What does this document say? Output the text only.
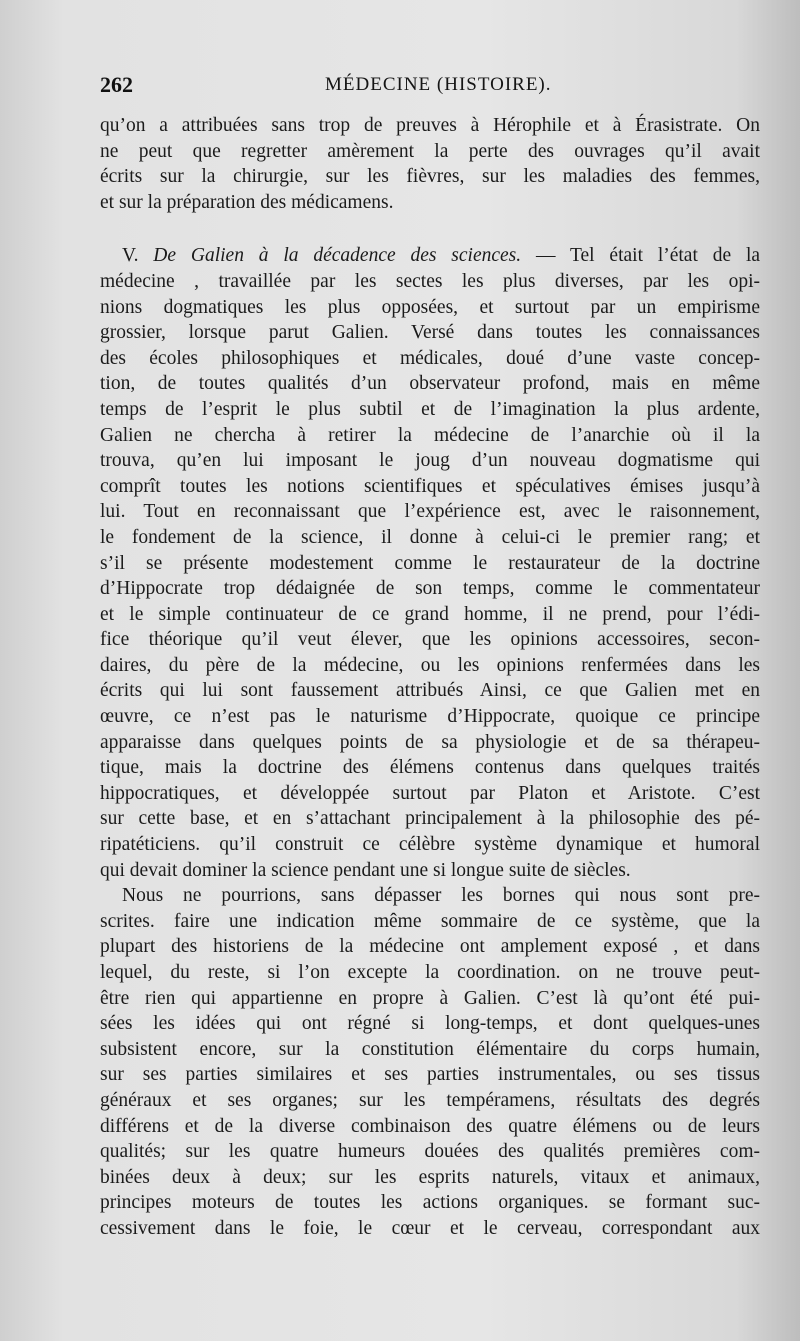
262	MÉDECINE (HISTOIRE).
qu’on a attribuées sans trop de preuves à Hérophile et à Érasistrate. On
ne peut que regretter amèrement la perte des ouvrages qu’il avait
écrits sur la chirurgie, sur les fièvres, sur les maladies des femmes,
et sur la préparation des médicamens.
V. De Galien à la décadence des sciences. — Tel était l’état de la
médecine , travaillée par les sectes les plus diverses, par les opi-
nions dogmatiques les plus opposées, et surtout par un empirisme
grossier, lorsque parut Galien. Versé dans toutes les connaissances
des écoles philosophiques et médicales, doué d’une vaste concep-
tion, de toutes qualités d’un observateur profond, mais en même
temps de l’esprit le plus subtil et de l’imagination la plus ardente,
Galien ne chercha à retirer la médecine de l’anarchie où il la
trouva, qu’en lui imposant le joug d’un nouveau dogmatisme qui
comprît toutes les notions scientifiques et spéculatives émises jusqu’à
lui. Tout en reconnaissant que l’expérience est, avec le raisonnement,
le fondement de la science, il donne à celui-ci le premier rang; et
s’il se présente modestement comme le restaurateur de la doctrine
d’Hippocrate trop dédaignée de son temps, comme le commentateur
et le simple continuateur de ce grand homme, il ne prend, pour l’édi-
fice théorique qu’il veut élever, que les opinions accessoires, secon-
daires, du père de la médecine, ou les opinions renfermées dans les
écrits qui lui sont faussement attribués Ainsi, ce que Galien met en
œuvre, ce n’est pas le naturisme d’Hippocrate, quoique ce principe
apparaisse dans quelques points de sa physiologie et de sa thérapeu-
tique, mais la doctrine des élémens contenus dans quelques traités
hippocratiques, et développée surtout par Platon et Aristote. C’est
sur cette base, et en s’attachant principalement à la philosophie des pé-
ripatéticiens. qu’il construit ce célèbre système dynamique et humoral
qui devait dominer la science pendant une si longue suite de siècles.
Nous ne pourrions, sans dépasser les bornes qui nous sont pre-
scrites. faire une indication même sommaire de ce système, que la
plupart des historiens de la médecine ont amplement exposé , et dans
lequel, du reste, si l’on excepte la coordination. on ne trouve peut-
être rien qui appartienne en propre à Galien. C’est là qu’ont été pui-
sées les idées qui ont régné si long-temps, et dont quelques-unes
subsistent encore, sur la constitution élémentaire du corps humain,
sur ses parties similaires et ses parties instrumentales, ou ses tissus
généraux et ses organes; sur les tempéramens, résultats des degrés
différens et de la diverse combinaison des quatre élémens ou de leurs
qualités; sur les quatre humeurs douées des qualités premières com-
binées deux à deux; sur les esprits naturels, vitaux et animaux,
principes moteurs de toutes les actions organiques. se formant suc-
cessivement dans le foie, le cœur et le cerveau, correspondant aux
